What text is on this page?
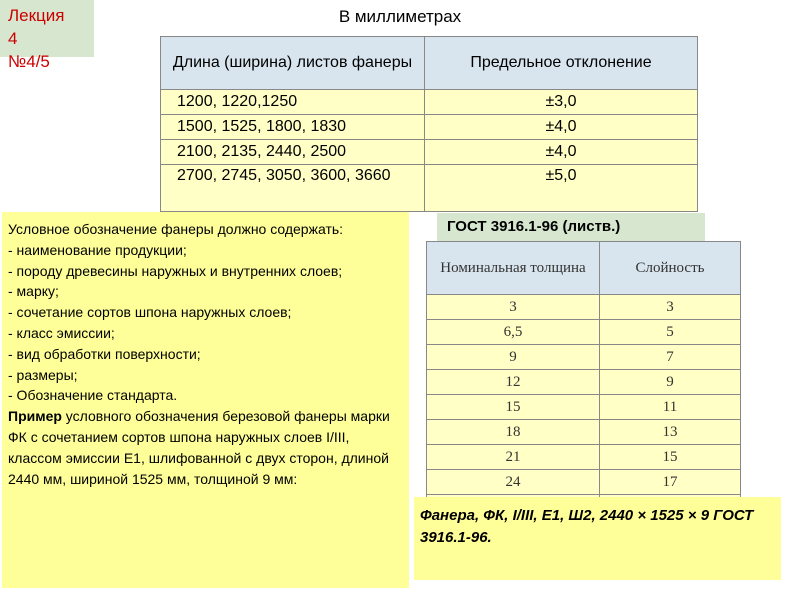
Лекция
4
№4/5
В миллиметрах
Длина (ширина) листов фанеры	Предельное отклонение
1200, 1220,1250	±3,0
1500, 1525, 1800, 1830	±4,0
2100, 2135, 2440, 2500	±4,0
2700, 2745, 3050, 3600, 3660	±5,0
Условное обозначение фанеры должно содержать:
- наименование продукции;
- породу древесины наружных и внутренних слоев;
- марку;
- сочетание сортов шпона наружных слоев;
- класс эмиссии;
- вид обработки поверхности;
- размеры;
- Обозначение стандарта.
Пример условного обозначения березовой фанеры марки ФК с сочетанием сортов шпона наружных слоев I/III, классом эмиссии Е1, шлифованной с двух сторон, длиной 2440 мм, шириной 1525 мм, толщиной 9 мм:
ГОСТ 3916.1-96 (листв.)
Номинальная толщина	Слойность
3	3
6,5	5
9	7
12	9
15	11
18	13
21	15
24	17

Фанера, ФК, I/III, Е1, Ш2, 2440 × 1525 × 9 ГОСТ 3916.1-96.
